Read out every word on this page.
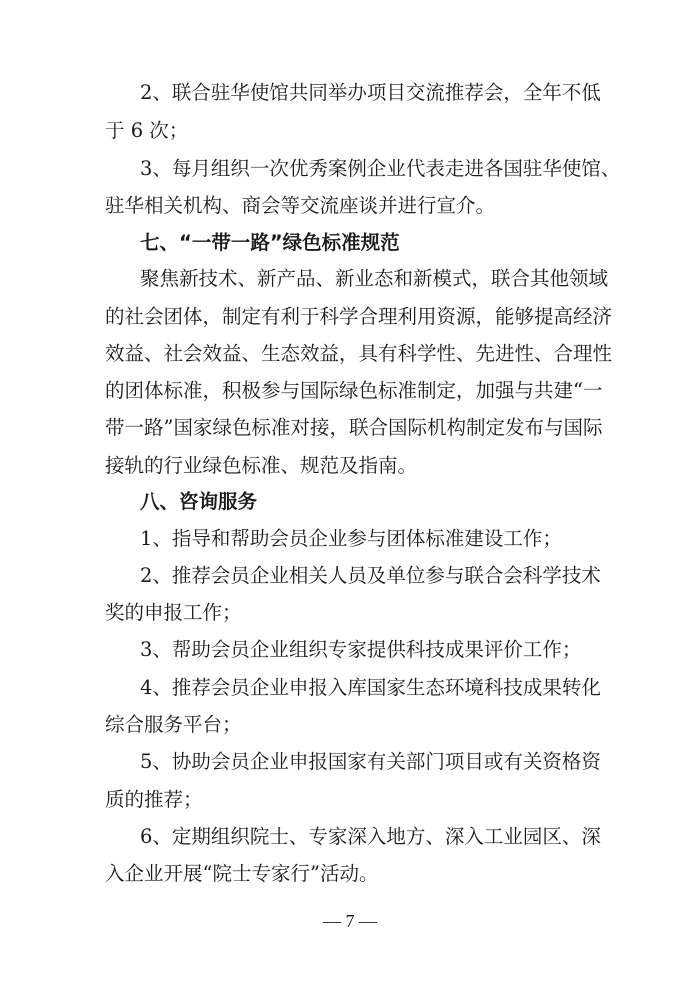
2、联合驻华使馆共同举办项目交流推荐会，全年不低
于 6 次；
3、每月组织一次优秀案例企业代表走进各国驻华使馆、
驻华相关机构、商会等交流座谈并进行宣介。
七、“一带一路”绿色标准规范
聚焦新技术、新产品、新业态和新模式，联合其他领域
的社会团体，制定有利于科学合理利用资源，能够提高经济
效益、社会效益、生态效益，具有科学性、先进性、合理性
的团体标准，积极参与国际绿色标准制定，加强与共建“一
带一路”国家绿色标准对接，联合国际机构制定发布与国际
接轨的行业绿色标准、规范及指南。
八、咨询服务
1、指导和帮助会员企业参与团体标准建设工作；
2、推荐会员企业相关人员及单位参与联合会科学技术
奖的申报工作；
3、帮助会员企业组织专家提供科技成果评价工作；
4、推荐会员企业申报入库国家生态环境科技成果转化
综合服务平台；
5、协助会员企业申报国家有关部门项目或有关资格资
质的推荐；
6、定期组织院士、专家深入地方、深入工业园区、深
入企业开展“院士专家行”活动。
— 7 —
